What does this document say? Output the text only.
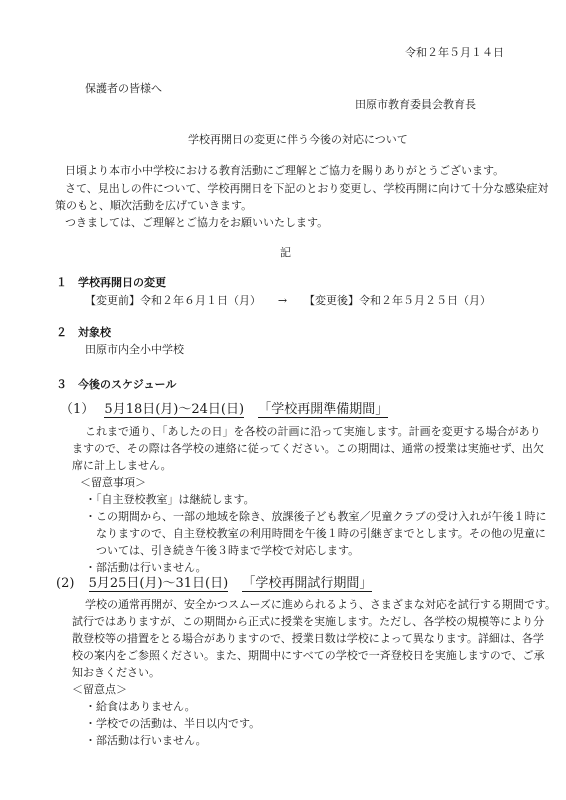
令和２年５月１４日
保護者の皆様へ
田原市教育委員会教育長
学校再開日の変更に伴う今後の対応について
日頃より本市小中学校における教育活動にご理解とご協力を賜りありがとうございます。
さて、見出しの件について、学校再開日を下記のとおり変更し、学校再開に向けて十分な感染症対
策のもと、順次活動を広げていきます。
つきましては、ご理解とご協力をお願いいたします。
記
１　学校再開日の変更
【変更前】令和２年６月１日（月） → 【変更後】令和２年５月２５日（月）
２　対象校
田原市内全小中学校
３　今後のスケジュール
（1） 5月18日(月)～24日(日) 「学校再開準備期間」
これまで通り、「あしたの日」を各校の計画に沿って実施します。計画を変更する場合があり
ますので、その際は各学校の連絡に従ってください。この期間は、通常の授業は実施せず、出欠
席に計上しません。
＜留意事項＞
・「自主登校教室」は継続します。
・この期間から、一部の地域を除き、放課後子ども教室／児童クラブの受け入れが午後１時に
　なりますので、自主登校教室の利用時間を午後１時の引継ぎまでとします。その他の児童に
　ついては、引き続き午後３時まで学校で対応します。
・部活動は行いません。
(2) 5月25日(月)～31日(日) 「学校再開試行期間」
学校の通常再開が、安全かつスムーズに進められるよう、さまざまな対応を試行する期間です。
試行ではありますが、この期間から正式に授業を実施します。ただし、各学校の規模等により分
散登校等の措置をとる場合がありますので、授業日数は学校によって異なります。詳細は、各学
校の案内をご参照ください。また、期間中にすべての学校で一斉登校日を実施しますので、ご承
知おきください。
＜留意点＞
・給食はありません。
・学校での活動は、半日以内です。
・部活動は行いません。
